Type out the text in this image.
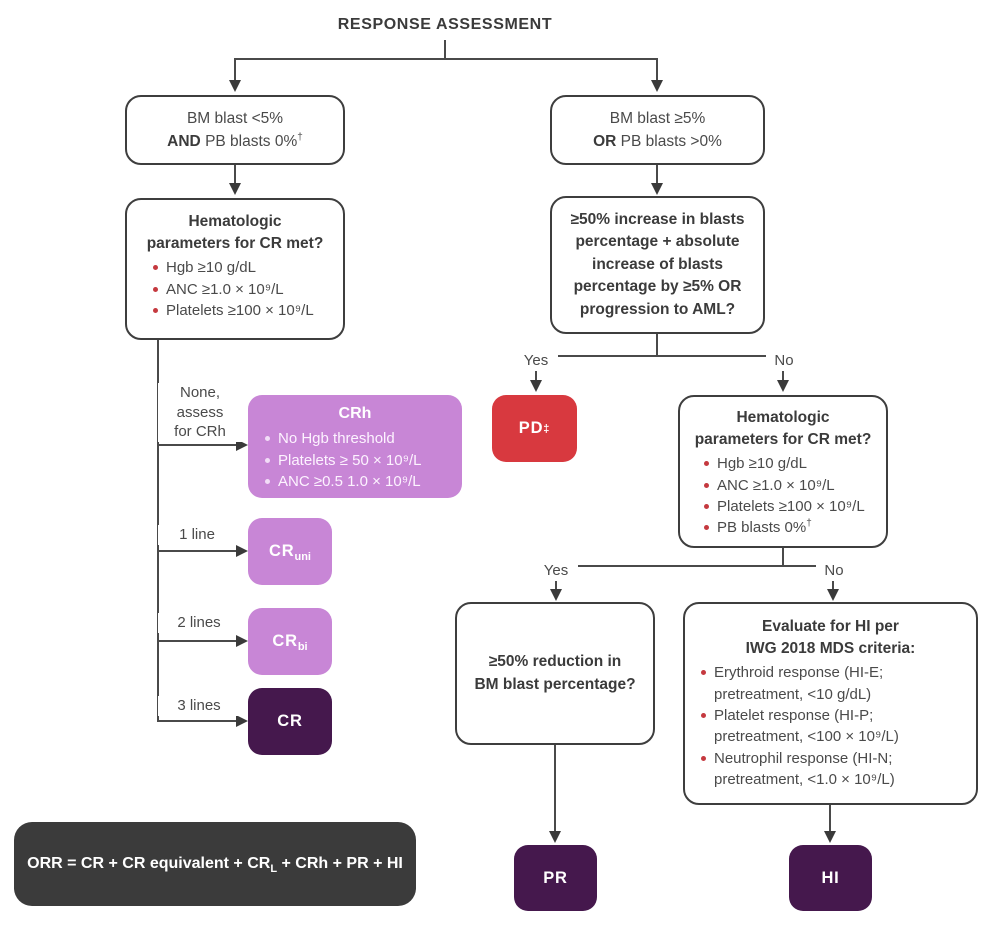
RESPONSE ASSESSMENT
BM blast <5%
AND PB blasts 0%†
BM blast ≥5%
OR PB blasts >0%
Hematologic
parameters for CR met?
Hgb ≥10 g/dL
ANC ≥1.0 × 10⁹/L
Platelets ≥100 × 10⁹/L
None,
assess
for CRh
1 line
2 lines
3 lines
CRh
No Hgb threshold
Platelets ≥ 50 × 10⁹/L
ANC ≥0.5 1.0 × 10⁹/L
CR uni
CR bi
CR
≥50% increase in blasts percentage + absolute increase of blasts percentage by ≥5% OR progression to AML?
Yes	No
PD ‡
Hematologic
parameters for CR met?
Hgb ≥10 g/dL
ANC ≥1.0 × 10⁹/L
Platelets ≥100 × 10⁹/L
PB blasts 0%†
Yes	No
≥50% reduction in
BM blast percentage?
Evaluate for HI per
IWG 2018 MDS criteria:
Erythroid response (HI-E; pretreatment, <10 g/dL)
Platelet response (HI-P; pretreatment, <100 × 10⁹/L)
Neutrophil response (HI-N; pretreatment, <1.0 × 10⁹/L)
PR	HI
ORR = CR + CR equivalent + $CR_L$ + CRh + PR + HI
